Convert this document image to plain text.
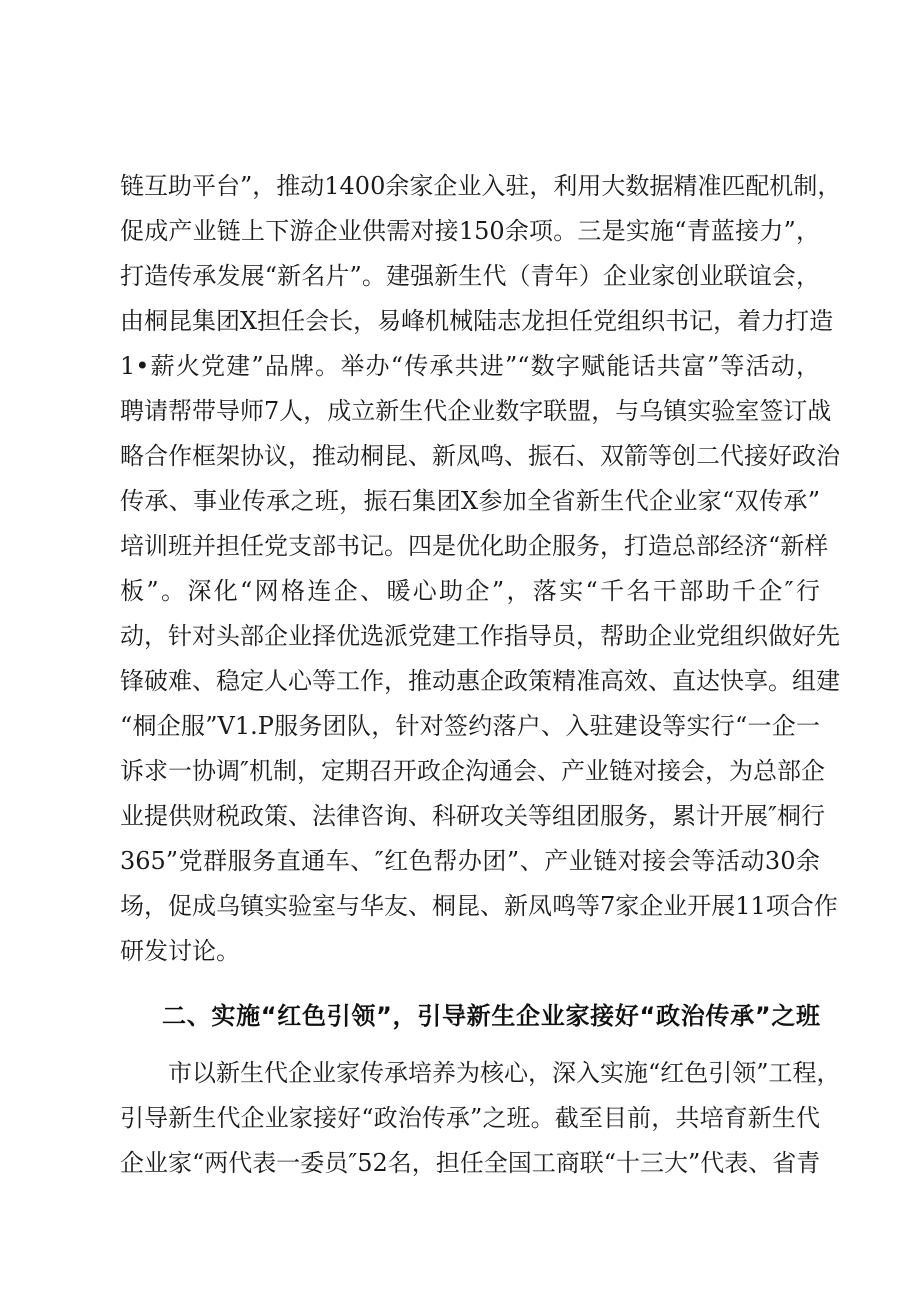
链互助平台”，推动1400余家企业入驻，利用大数据精准匹配机制，
促成产业链上下游企业供需对接150余项。三是实施“青蓝接力”，
打造传承发展“新名片”。建强新生代（青年）企业家创业联谊会，
由桐昆集团X担任会长，易峰机械陆志龙担任党组织书记，着力打造
1•薪火党建”品牌。举办“传承共进”“数字赋能话共富”等活动，
聘请帮带导师7人，成立新生代企业数字联盟，与乌镇实验室签订战
略合作框架协议，推动桐昆、新凤鸣、振石、双箭等创二代接好政治
传承、事业传承之班，振石集团X参加全省新生代企业家“双传承”
培训班并担任党支部书记。四是优化助企服务，打造总部经济“新样
板”。深化“网格连企、暖心助企”，落实“千名干部助千企″行
动，针对头部企业择优选派党建工作指导员，帮助企业党组织做好先
锋破难、稳定人心等工作，推动惠企政策精准高效、直达快享。组建
“桐企服”V1.P服务团队，针对签约落户、入驻建设等实行“一企一
诉求一协调″机制，定期召开政企沟通会、产业链对接会，为总部企
业提供财税政策、法律咨询、科研攻关等组团服务，累计开展″桐行
365”党群服务直通车、″红色帮办团”、产业链对接会等活动30余
场，促成乌镇实验室与华友、桐昆、新凤鸣等7家企业开展11项合作
研发讨论。
二、实施“红色引领”，引导新生企业家接好“政治传承”之班
市以新生代企业家传承培养为核心，深入实施“红色引领”工程，
引导新生代企业家接好“政治传承”之班。截至目前，共培育新生代
企业家“两代表一委员″52名，担任全国工商联“十三大”代表、省青
